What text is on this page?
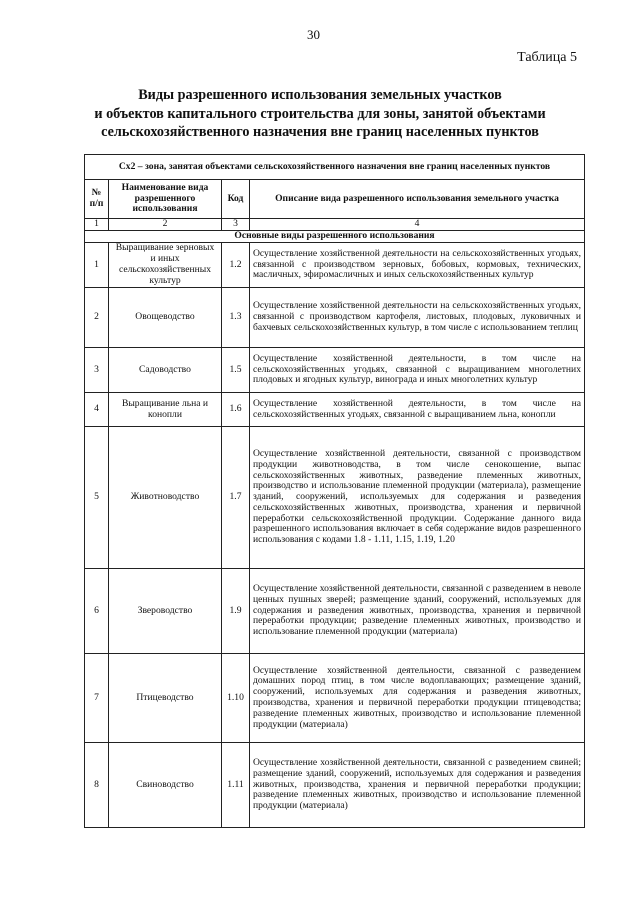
30
Таблица 5
Виды разрешенного использования земельных участков
и объектов капитального строительства для зоны, занятой объектами
сельскохозяйственного назначения вне границ населенных пунктов
Сх2 – зона, занятая объектами сельскохозяйственного назначения вне границ населенных пунктов			
№ п/п	Наименование вида разрешенного использования	Код	Описание вида разрешенного использования земельного участка
1	2	3	4
Основные виды разрешенного использования			
1	Выращивание зерновых и иных сельскохозяйственных культур	1.2	Осуществление хозяйственной деятельности на сельскохозяйственных угодьях, связанной с производством зерновых, бобовых, кормовых, технических, масличных, эфиромасличных и иных сельскохозяйственных культур
2	Овощеводство	1.3	Осуществление хозяйственной деятельности на сельскохозяйственных угодьях, связанной с производством картофеля, листовых, плодовых, луковичных и бахчевых сельскохозяйственных культур, в том числе с использованием теплиц
3	Садоводство	1.5	Осуществление хозяйственной деятельности, в том числе на сельскохозяйственных угодьях, связанной с выращиванием многолетних плодовых и ягодных культур, винограда и иных многолетних культур
4	Выращивание льна и конопли	1.6	Осуществление хозяйственной деятельности, в том числе на сельскохозяйственных угодьях, связанной с выращиванием льна, конопли
5	Животноводство	1.7	Осуществление хозяйственной деятельности, связанной с производством продукции животноводства, в том числе сенокошение, выпас сельскохозяйственных животных, разведение племенных животных, производство и использование племенной продукции (материала), размещение зданий, сооружений, используемых для содержания и разведения сельскохозяйственных животных, производства, хранения и первичной переработки сельскохозяйственной продукции. Содержание данного вида разрешенного использования включает в себя содержание видов разрешенного использования с кодами 1.8 - 1.11, 1.15, 1.19, 1.20
6	Звероводство	1.9	Осуществление хозяйственной деятельности, связанной с разведением в неволе ценных пушных зверей; размещение зданий, сооружений, используемых для содержания и разведения животных, производства, хранения и первичной переработки продукции; разведение племенных животных, производство и использование племенной продукции (материала)
7	Птицеводство	1.10	Осуществление хозяйственной деятельности, связанной с разведением домашних пород птиц, в том числе водоплавающих; размещение зданий, сооружений, используемых для содержания и разведения животных, производства, хранения и первичной переработки продукции птицеводства; разведение племенных животных, производство и использование племенной продукции (материала)
8	Свиноводство	1.11	Осуществление хозяйственной деятельности, связанной с разведением свиней; размещение зданий, сооружений, используемых для содержания и разведения животных, производства, хранения и первичной переработки продукции; разведение племенных животных, производство и использование племенной продукции (материала)
